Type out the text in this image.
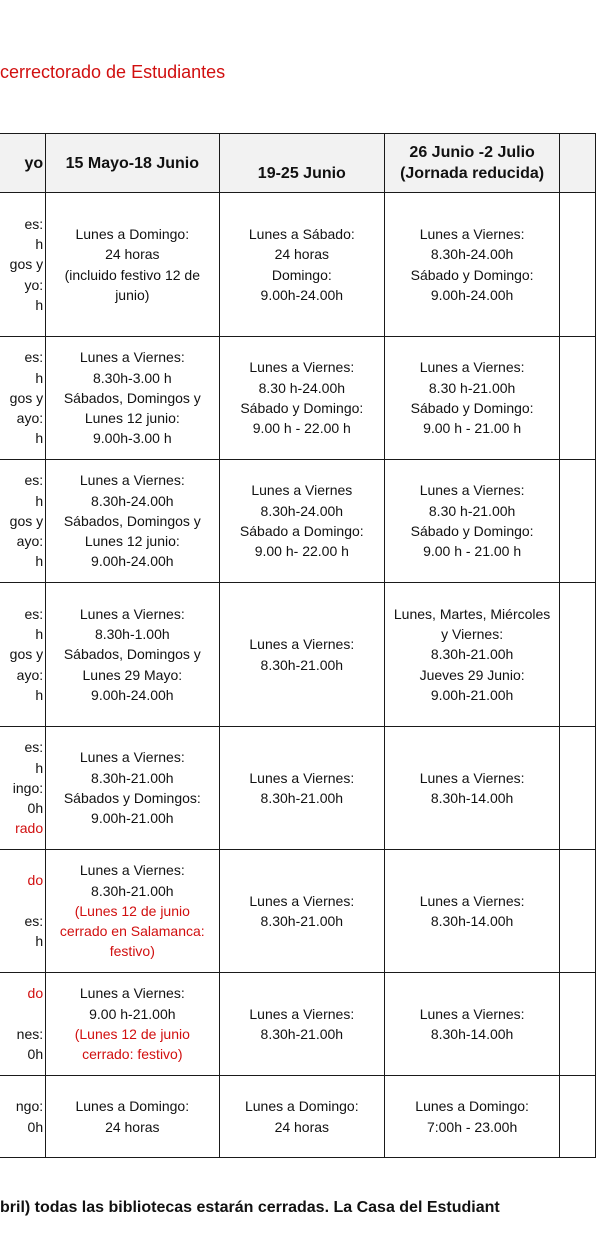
cerrectorado de Estudiantes
yo	15 Mayo-18 Junio	19-25 Junio	26 Junio -2 Julio
(Jornada reducida)	
es:
h
gos y
yo:
h	Lunes a Domingo:
24 horas
(incluido festivo 12 de
junio)	Lunes a Sábado:
24 horas
Domingo:
9.00h-24.00h	Lunes a Viernes:
8.30h-24.00h
Sábado y Domingo:
9.00h-24.00h	
es:
h
gos y
ayo:
h	Lunes a Viernes:
8.30h-3.00 h
Sábados, Domingos y
Lunes 12 junio:
9.00h-3.00 h	Lunes a Viernes:
8.30 h-24.00h
Sábado y Domingo:
9.00 h - 22.00 h	Lunes a Viernes:
8.30 h-21.00h
Sábado y Domingo:
9.00 h - 21.00 h	
es:
h
gos y
ayo:
h	Lunes a Viernes:
8.30h-24.00h
Sábados, Domingos y
Lunes 12 junio:
9.00h-24.00h	Lunes a Viernes
8.30h-24.00h
Sábado a Domingo:
9.00 h- 22.00 h	Lunes a Viernes:
8.30 h-21.00h
Sábado y Domingo:
9.00 h - 21.00 h	
es:
h
gos y
ayo:
h	Lunes a Viernes:
8.30h-1.00h
Sábados, Domingos y
Lunes 29 Mayo:
9.00h-24.00h	Lunes a Viernes:
8.30h-21.00h	Lunes, Martes, Miércoles
y Viernes:
8.30h-21.00h
Jueves 29 Junio:
9.00h-21.00h	
es:
h
ingo:
0h
rado	Lunes a Viernes:
8.30h-21.00h
Sábados y Domingos:
9.00h-21.00h	Lunes a Viernes:
8.30h-21.00h	Lunes a Viernes:
8.30h-14.00h	
do

es:
h	Lunes a Viernes:
8.30h-21.00h
(Lunes 12 de junio
cerrado en Salamanca:
festivo)	Lunes a Viernes:
8.30h-21.00h	Lunes a Viernes:
8.30h-14.00h	
do

nes:
0h	Lunes a Viernes:
9.00 h-21.00h
(Lunes 12 de junio
cerrado: festivo)	Lunes a Viernes:
8.30h-21.00h	Lunes a Viernes:
8.30h-14.00h	
ngo:
0h	Lunes a Domingo:
24 horas	Lunes a Domingo:
24 horas	Lunes a Domingo:
7:00h - 23.00h	
bril) todas las bibliotecas estarán cerradas. La Casa del Estudiant
